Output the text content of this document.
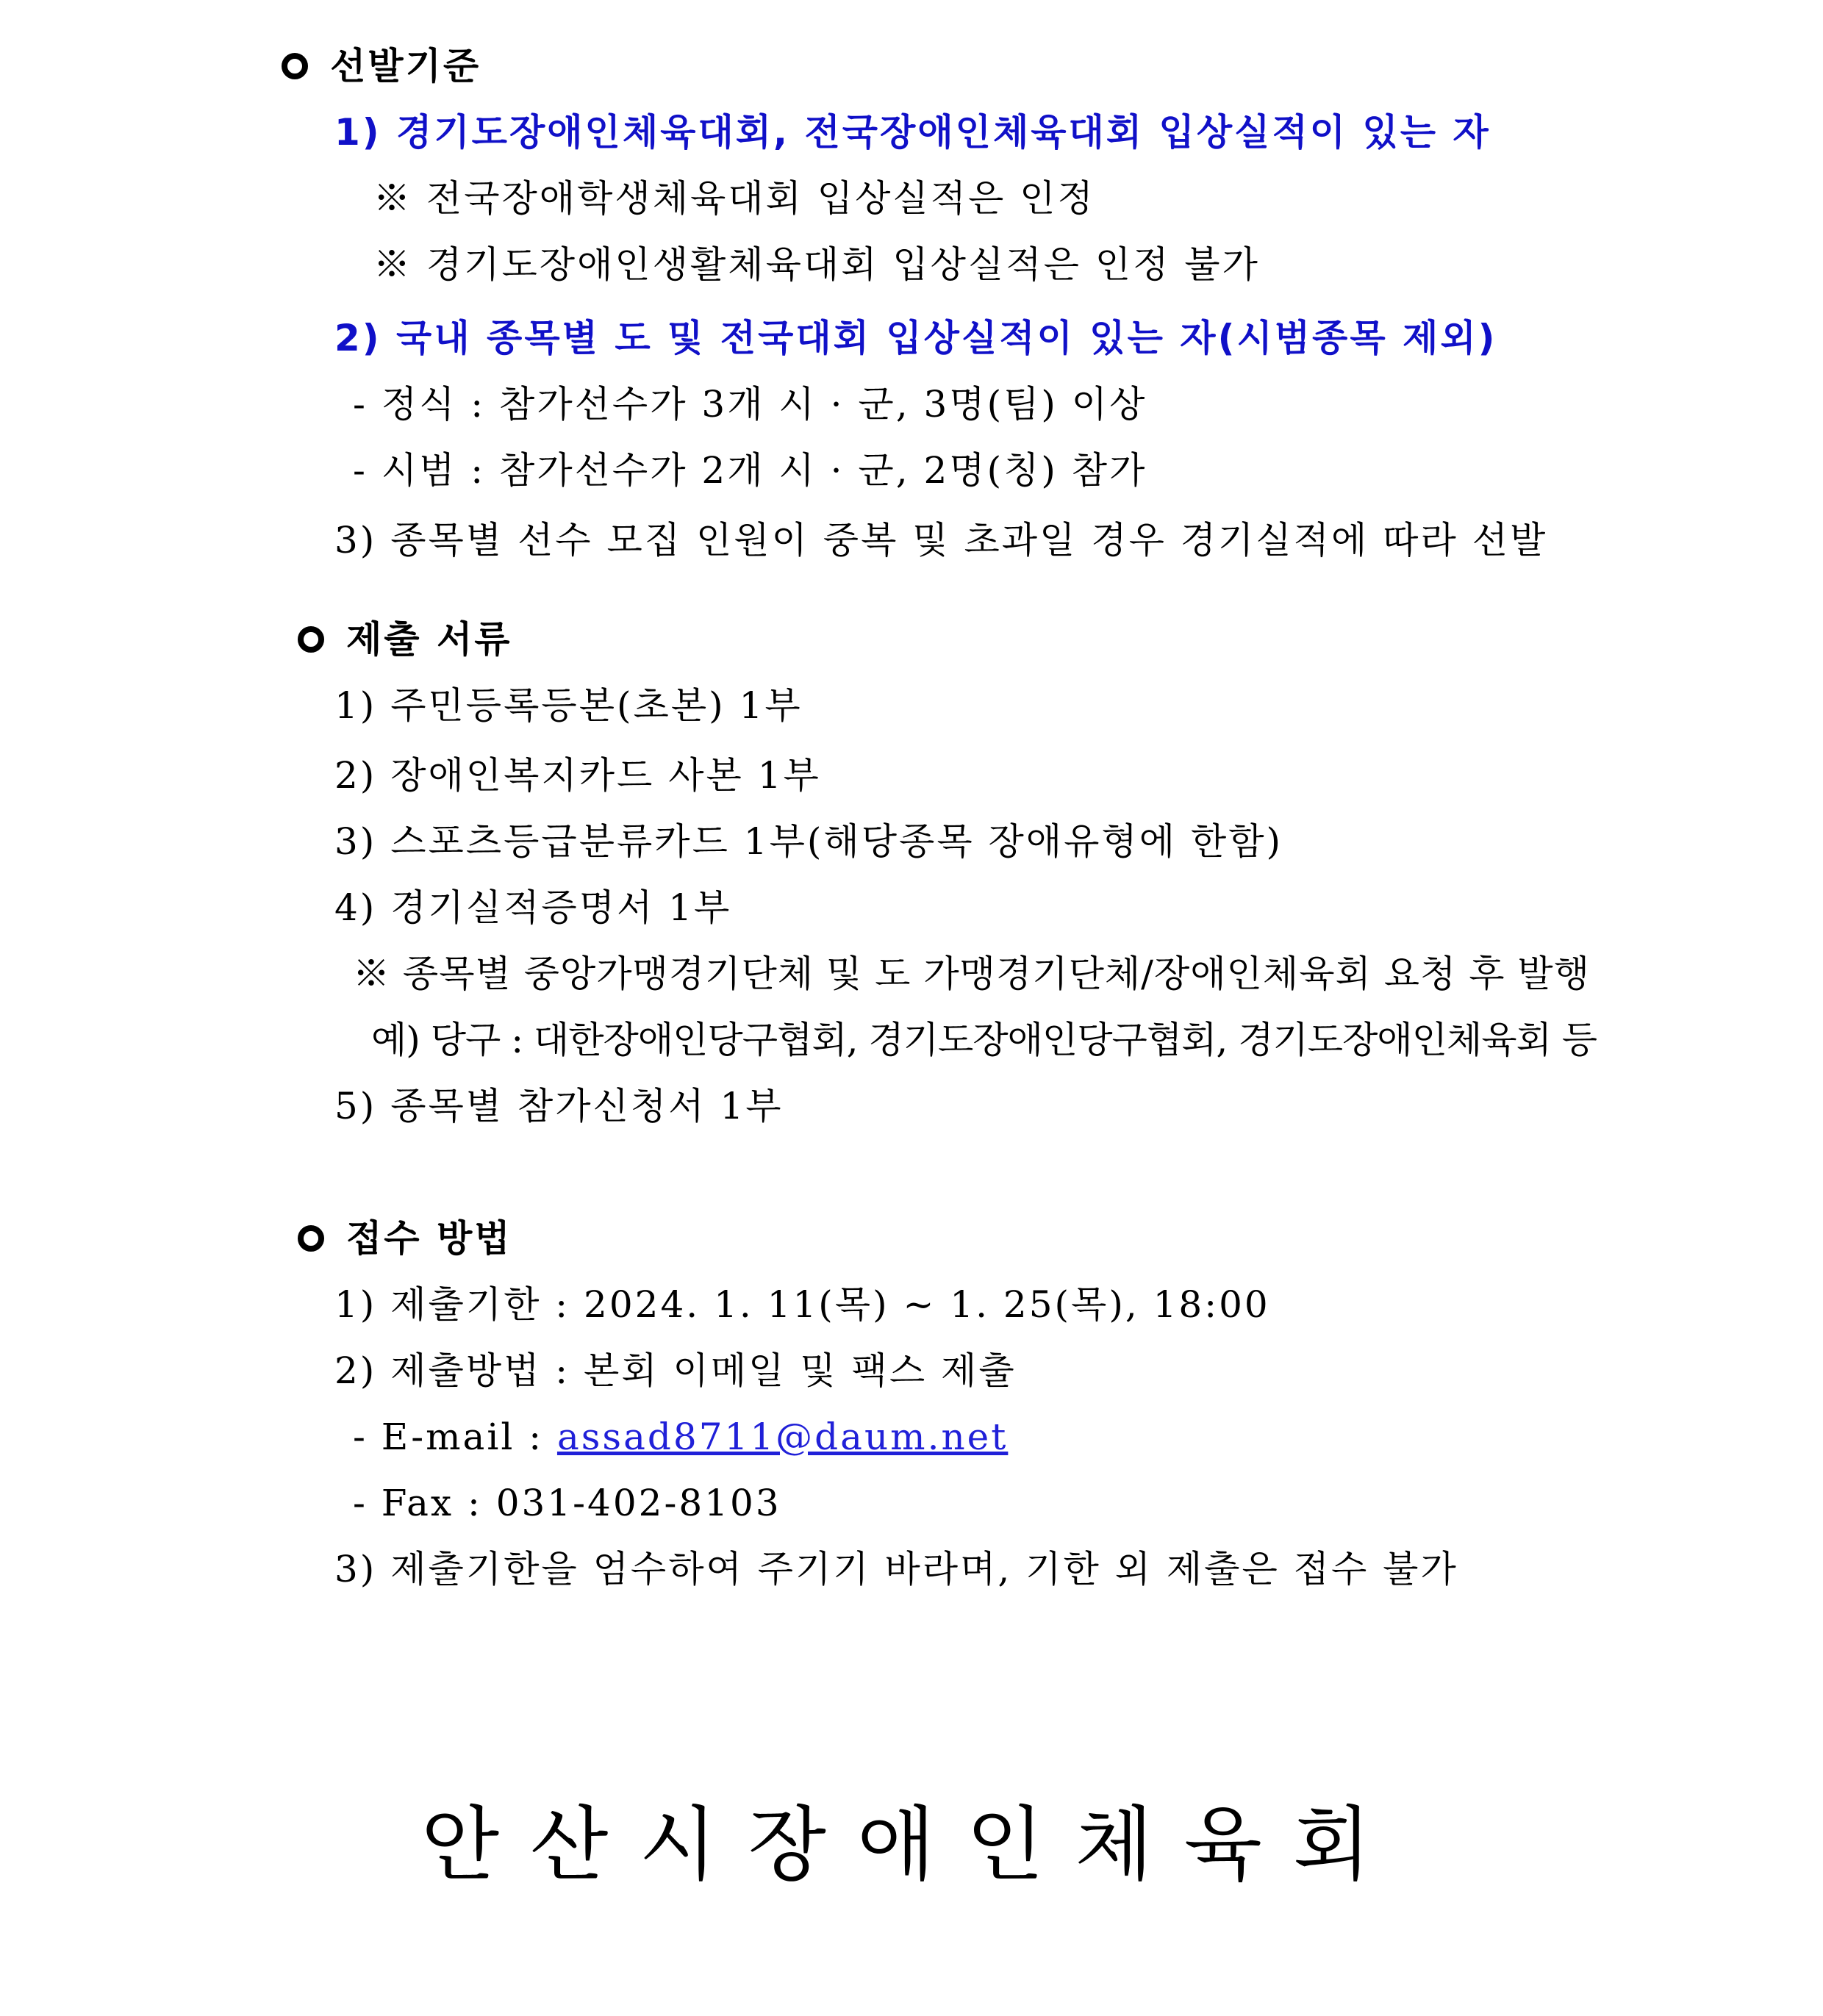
선발기준
1) 경기도장애인체육대회, 전국장애인체육대회 입상실적이 있는 자
※ 전국장애학생체육대회 입상실적은 인정
※ 경기도장애인생활체육대회 입상실적은 인정 불가
2) 국내 종목별 도 및 전국대회 입상실적이 있는 자(시범종목 제외)
- 정식 : 참가선수가 3개 시 · 군, 3명(팀) 이상
- 시범 : 참가선수가 2개 시 · 군, 2명(칭) 참가
3) 종목별 선수 모집 인원이 중복 및 초과일 경우 경기실적에 따라 선발
제출 서류
1) 주민등록등본(초본) 1부
2) 장애인복지카드 사본 1부
3) 스포츠등급분류카드 1부(해당종목 장애유형에 한함)
4) 경기실적증명서 1부
※ 종목별 중앙가맹경기단체 및 도 가맹경기단체/장애인체육회 요청 후 발행
예) 당구 : 대한장애인당구협회, 경기도장애인당구협회, 경기도장애인체육회 등
5) 종목별 참가신청서 1부
접수 방법
1) 제출기한 : 2024. 1. 11(목) ~ 1. 25(목), 18:00
2) 제출방법 : 본회 이메일 및 팩스 제출
- E-mail : assad8711@daum.net
- Fax : 031-402-8103
3) 제출기한을 엄수하여 주기기 바라며, 기한 외 제출은 접수 불가
안산시장애인체육회
